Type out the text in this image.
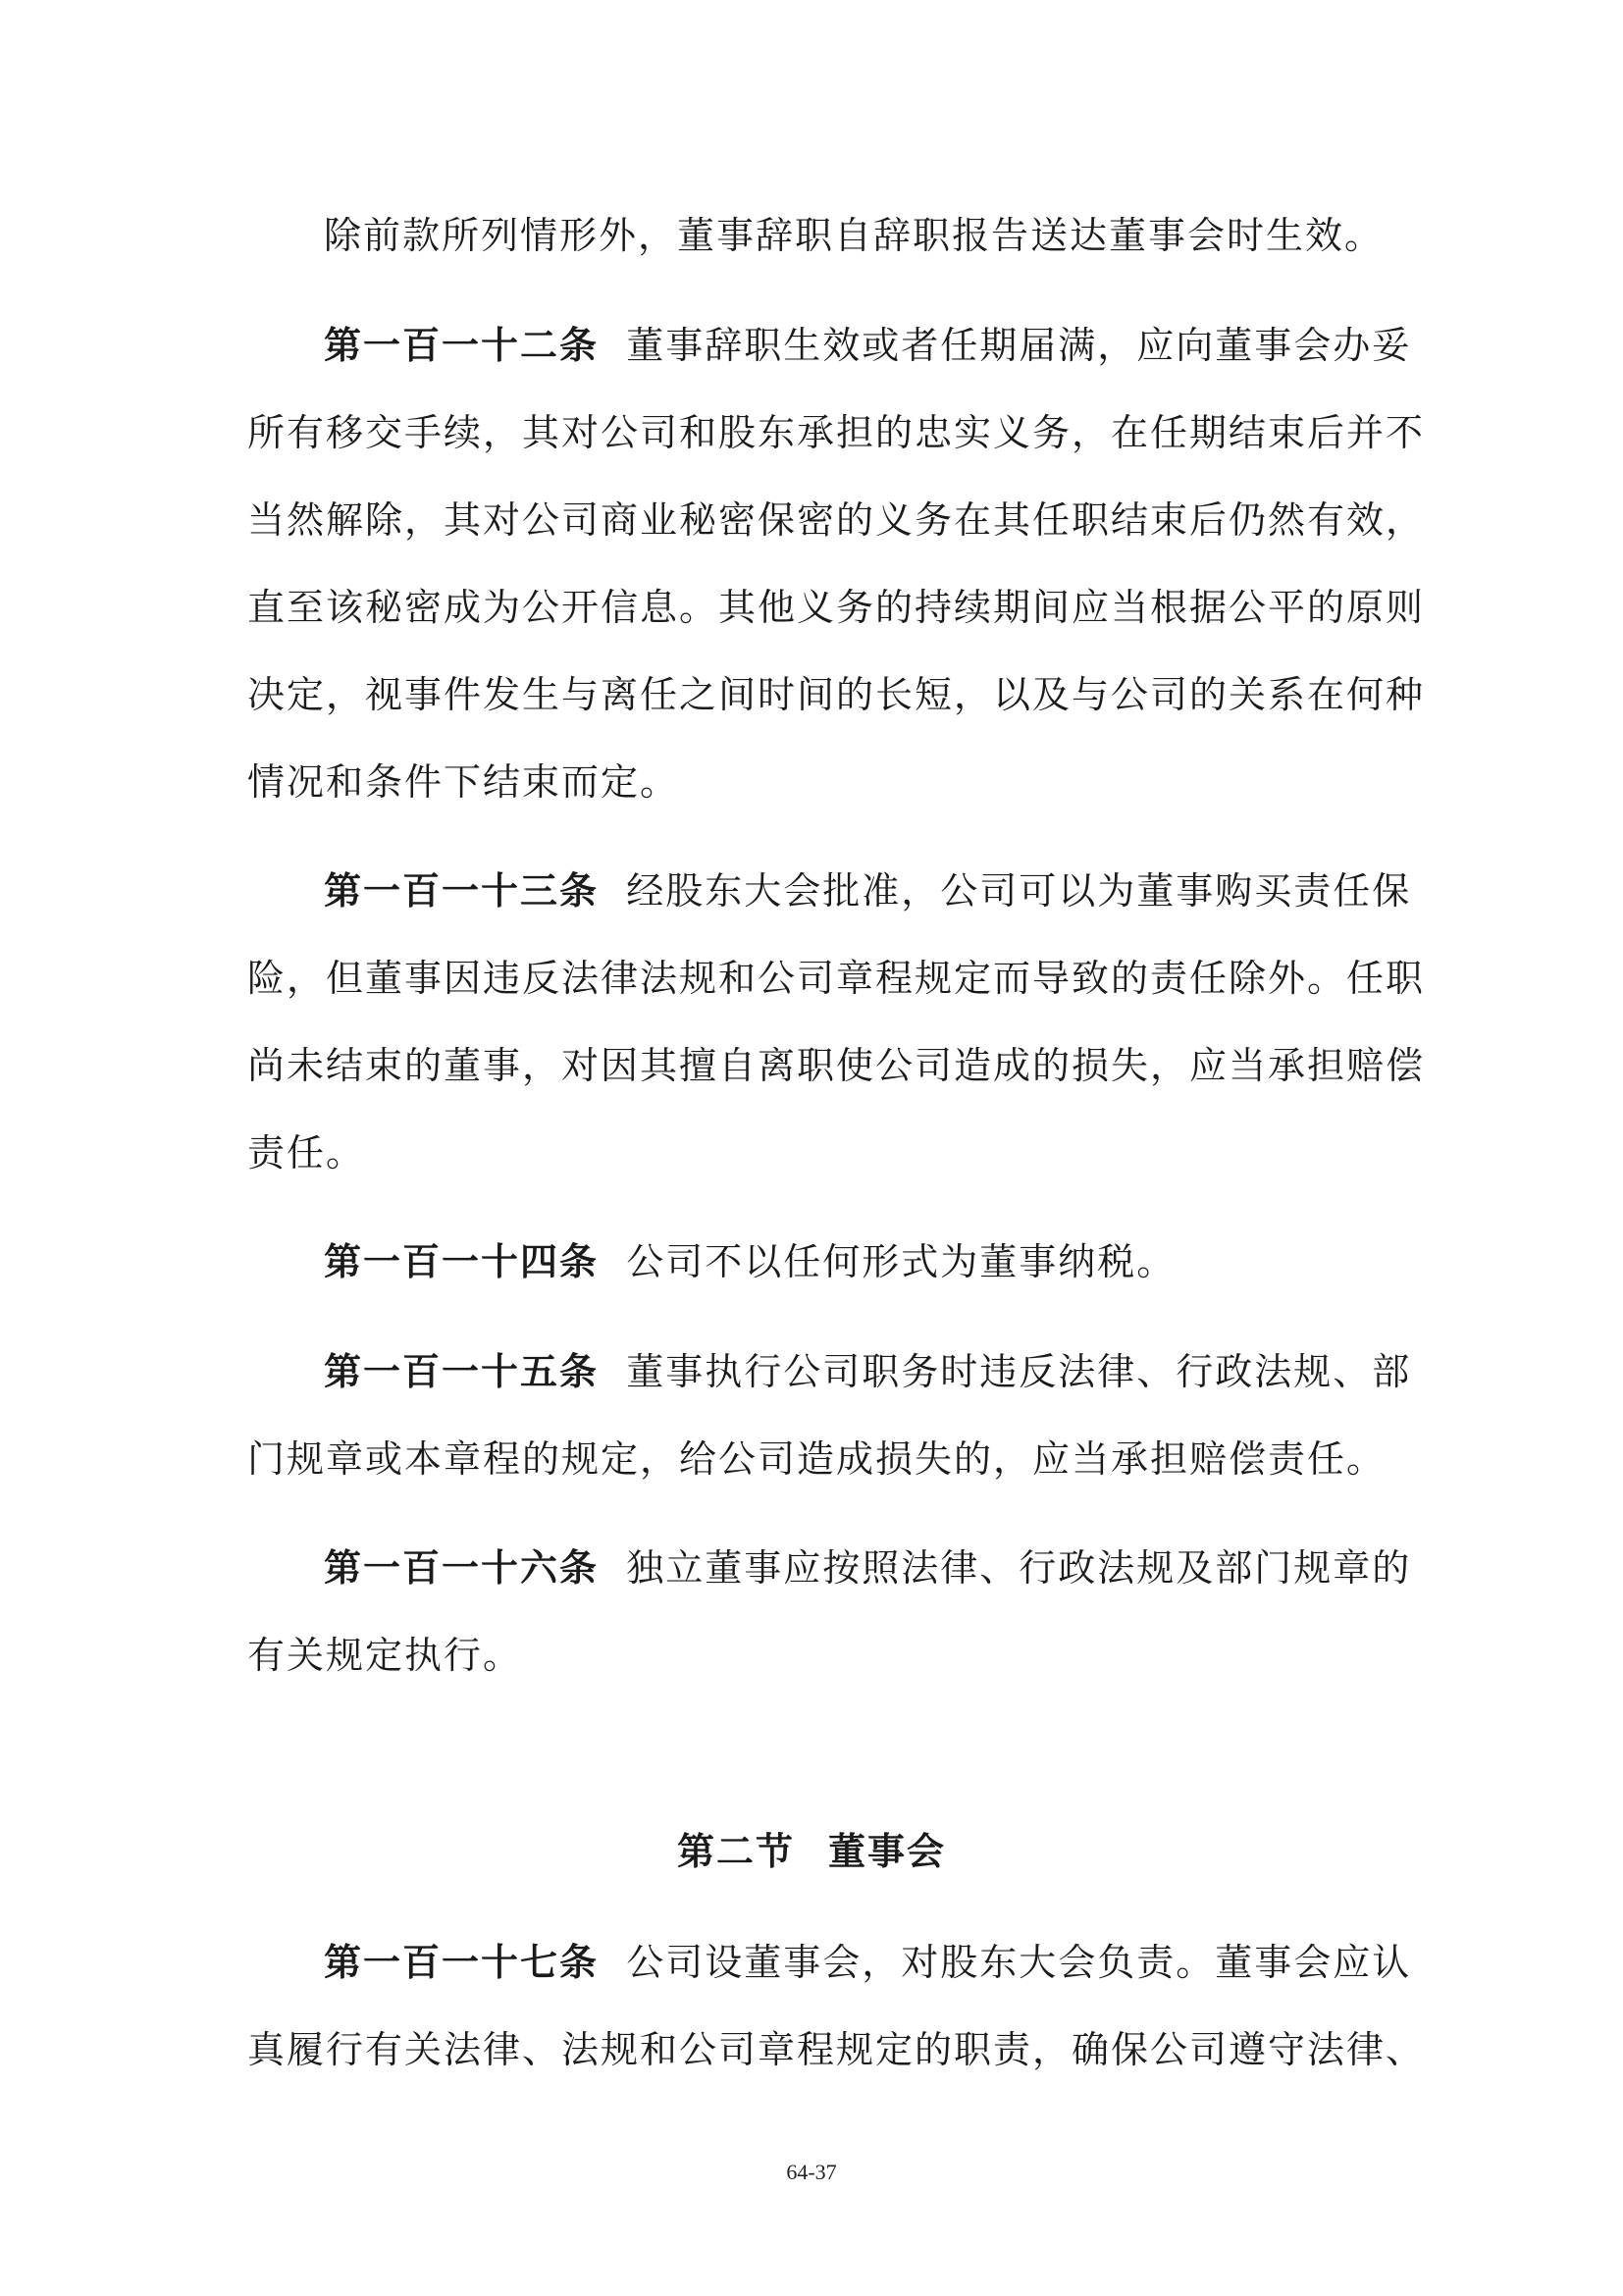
除前款所列情形外，董事辞职自辞职报告送达董事会时生效。
第一百一十二条 董事辞职生效或者任期届满，应向董事会办妥
所有移交手续，其对公司和股东承担的忠实义务，在任期结束后并不
当然解除，其对公司商业秘密保密的义务在其任职结束后仍然有效，
直至该秘密成为公开信息。其他义务的持续期间应当根据公平的原则
决定，视事件发生与离任之间时间的长短，以及与公司的关系在何种
情况和条件下结束而定。
第一百一十三条 经股东大会批准，公司可以为董事购买责任保
险，但董事因违反法律法规和公司章程规定而导致的责任除外。任职
尚未结束的董事，对因其擅自离职使公司造成的损失，应当承担赔偿
责任。
第一百一十四条 公司不以任何形式为董事纳税。
第一百一十五条 董事执行公司职务时违反法律、行政法规、部
门规章或本章程的规定，给公司造成损失的，应当承担赔偿责任。
第一百一十六条 独立董事应按照法律、行政法规及部门规章的
有关规定执行。
第二节 董事会
第一百一十七条 公司设董事会，对股东大会负责。董事会应认
真履行有关法律、法规和公司章程规定的职责，确保公司遵守法律、
64-37
